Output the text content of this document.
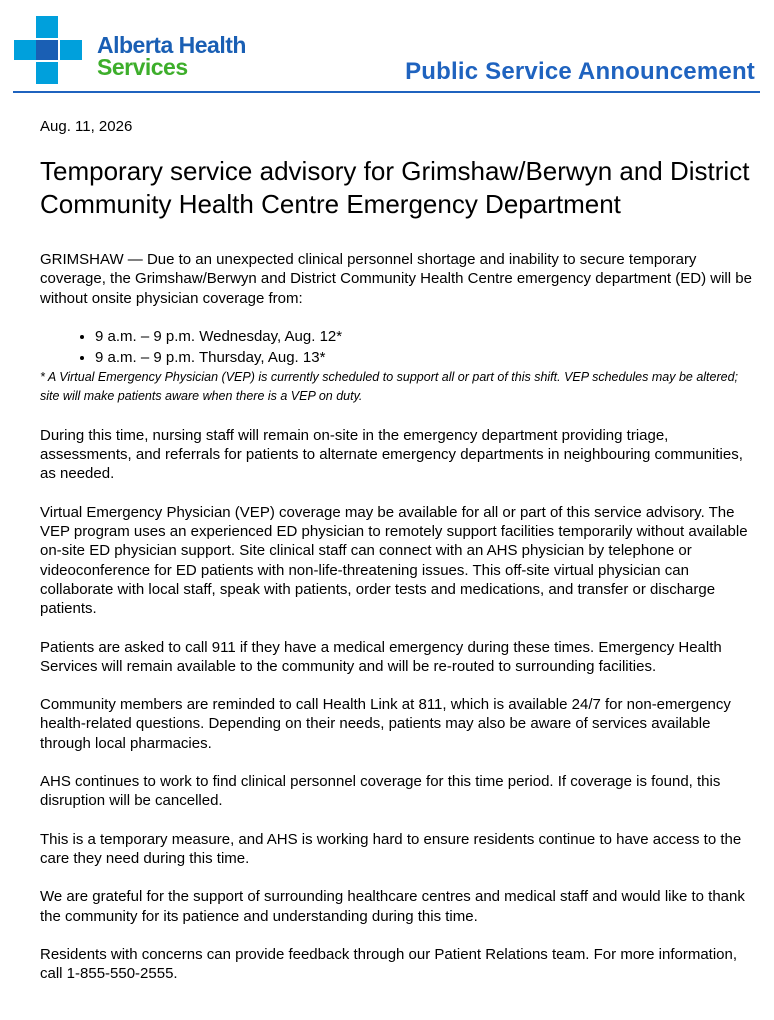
Alberta Health
Services	Public Service Announcement
Aug. 11, 2026
Temporary service advisory for Grimshaw/Berwyn and District Community Health Centre Emergency Department

GRIMSHAW — Due to an unexpected clinical personnel shortage and inability to secure temporary coverage, the Grimshaw/Berwyn and District Community Health Centre emergency department (ED) will be without onsite physician coverage from:

• 9 a.m. – 9 p.m. Wednesday, Aug. 12*
• 9 a.m. – 9 p.m. Thursday, Aug. 13*

* A Virtual Emergency Physician (VEP) is currently scheduled to support all or part of this shift. VEP schedules may be altered; site will make patients aware when there is a VEP on duty.

During this time, nursing staff will remain on-site in the emergency department providing triage, assessments, and referrals for patients to alternate emergency departments in neighbouring communities, as needed.

Virtual Emergency Physician (VEP) coverage may be available for all or part of this service advisory. The VEP program uses an experienced ED physician to remotely support facilities temporarily without available on-site ED physician support. Site clinical staff can connect with an AHS physician by telephone or videoconference for ED patients with non-life-threatening issues. This off-site virtual physician can collaborate with local staff, speak with patients, order tests and medications, and transfer or discharge patients.

Patients are asked to call 911 if they have a medical emergency during these times. Emergency Health Services will remain available to the community and will be re-routed to surrounding facilities.

Community members are reminded to call Health Link at 811, which is available 24/7 for non-emergency health-related questions. Depending on their needs, patients may also be aware of services available through local pharmacies.

AHS continues to work to find clinical personnel coverage for this time period. If coverage is found, this disruption will be cancelled.

This is a temporary measure, and AHS is working hard to ensure residents continue to have access to the care they need during this time.

We are grateful for the support of surrounding healthcare centres and medical staff and would like to thank the community for its patience and understanding during this time.

Residents with concerns can provide feedback through our Patient Relations team. For more information, call 1-855-550-2555.
